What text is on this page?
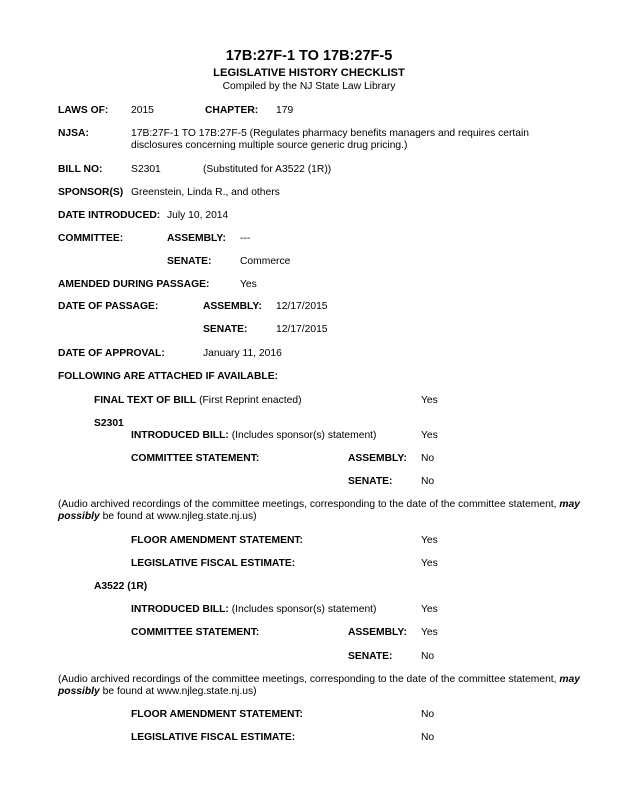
17B:27F-1 TO 17B:27F-5
LEGISLATIVE HISTORY CHECKLIST
Compiled by the NJ State Law Library
LAWS OF: 2015	CHAPTER: 179
NJSA:	17B:27F-1 TO 17B:27F-5 (Regulates pharmacy benefits managers and requires certain disclosures concerning multiple source generic drug pricing.)
BILL NO:	S2301	(Substituted for A3522 (1R))
SPONSOR(S) Greenstein, Linda R., and others
DATE INTRODUCED: July 10, 2014
COMMITTEE:	ASSEMBLY: ---
SENATE:	Commerce
AMENDED DURING PASSAGE:	Yes
DATE OF PASSAGE:	ASSEMBLY: 12/17/2015
SENATE:	12/17/2015
DATE OF APPROVAL:	January 11, 2016
FOLLOWING ARE ATTACHED IF AVAILABLE:
FINAL TEXT OF BILL (First Reprint enacted)	Yes
S2301
INTRODUCED BILL: (Includes sponsor(s) statement)	Yes
COMMITTEE STATEMENT:	ASSEMBLY: No
SENATE:	No
(Audio archived recordings of the committee meetings, corresponding to the date of the committee statement, may possibly be found at www.njleg.state.nj.us)
FLOOR AMENDMENT STATEMENT:	Yes
LEGISLATIVE FISCAL ESTIMATE:	Yes
A3522 (1R)
INTRODUCED BILL: (Includes sponsor(s) statement)	Yes
COMMITTEE STATEMENT:	ASSEMBLY: Yes
SENATE:	No
(Audio archived recordings of the committee meetings, corresponding to the date of the committee statement, may possibly be found at www.njleg.state.nj.us)
FLOOR AMENDMENT STATEMENT:	No
LEGISLATIVE FISCAL ESTIMATE:	No
